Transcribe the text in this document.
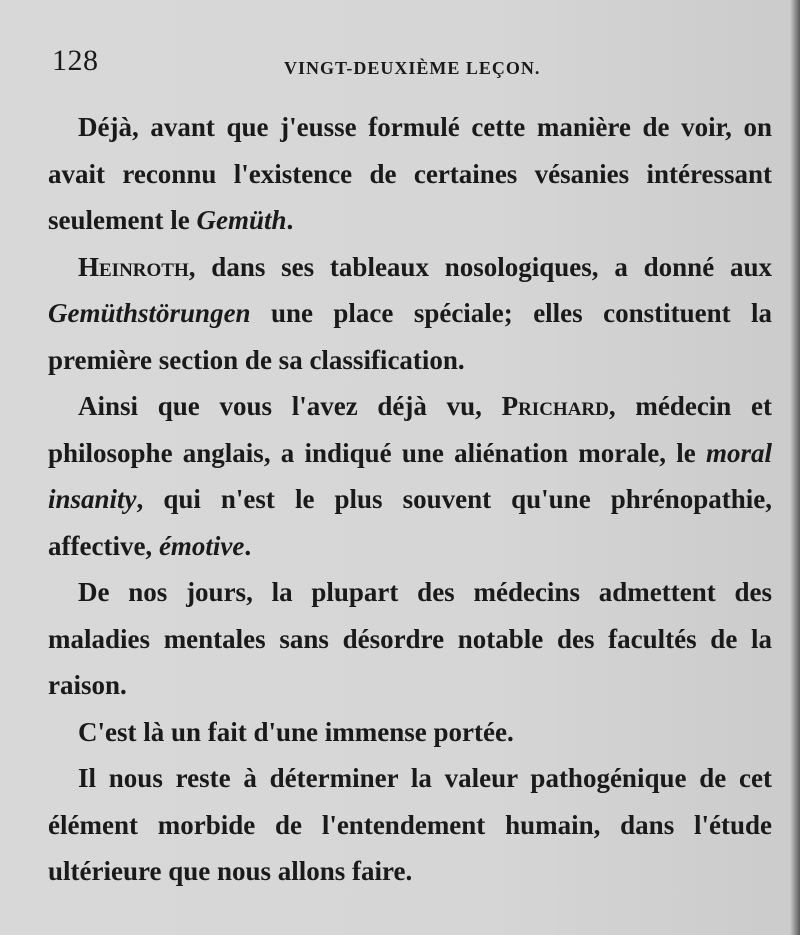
128	VINGT-DEUXIÈME LEÇON.

Déjà, avant que j'eusse formulé cette manière de voir, on avait reconnu l'existence de certaines vésanies intéressant seulement le Gemüth.

Heinroth, dans ses tableaux nosologiques, a donné aux Gemüthstörungen une place spéciale; elles constituent la première section de sa classification.

Ainsi que vous l'avez déjà vu, Prichard, médecin et philosophe anglais, a indiqué une aliénation morale, le moral insanity, qui n'est le plus souvent qu'une phrénopathie, affective, émotive.

De nos jours, la plupart des médecins admettent des maladies mentales sans désordre notable des facultés de la raison.

C'est là un fait d'une immense portée.

Il nous reste à déterminer la valeur pathogénique de cet élément morbide de l'entendement humain, dans l'étude ultérieure que nous allons faire.
